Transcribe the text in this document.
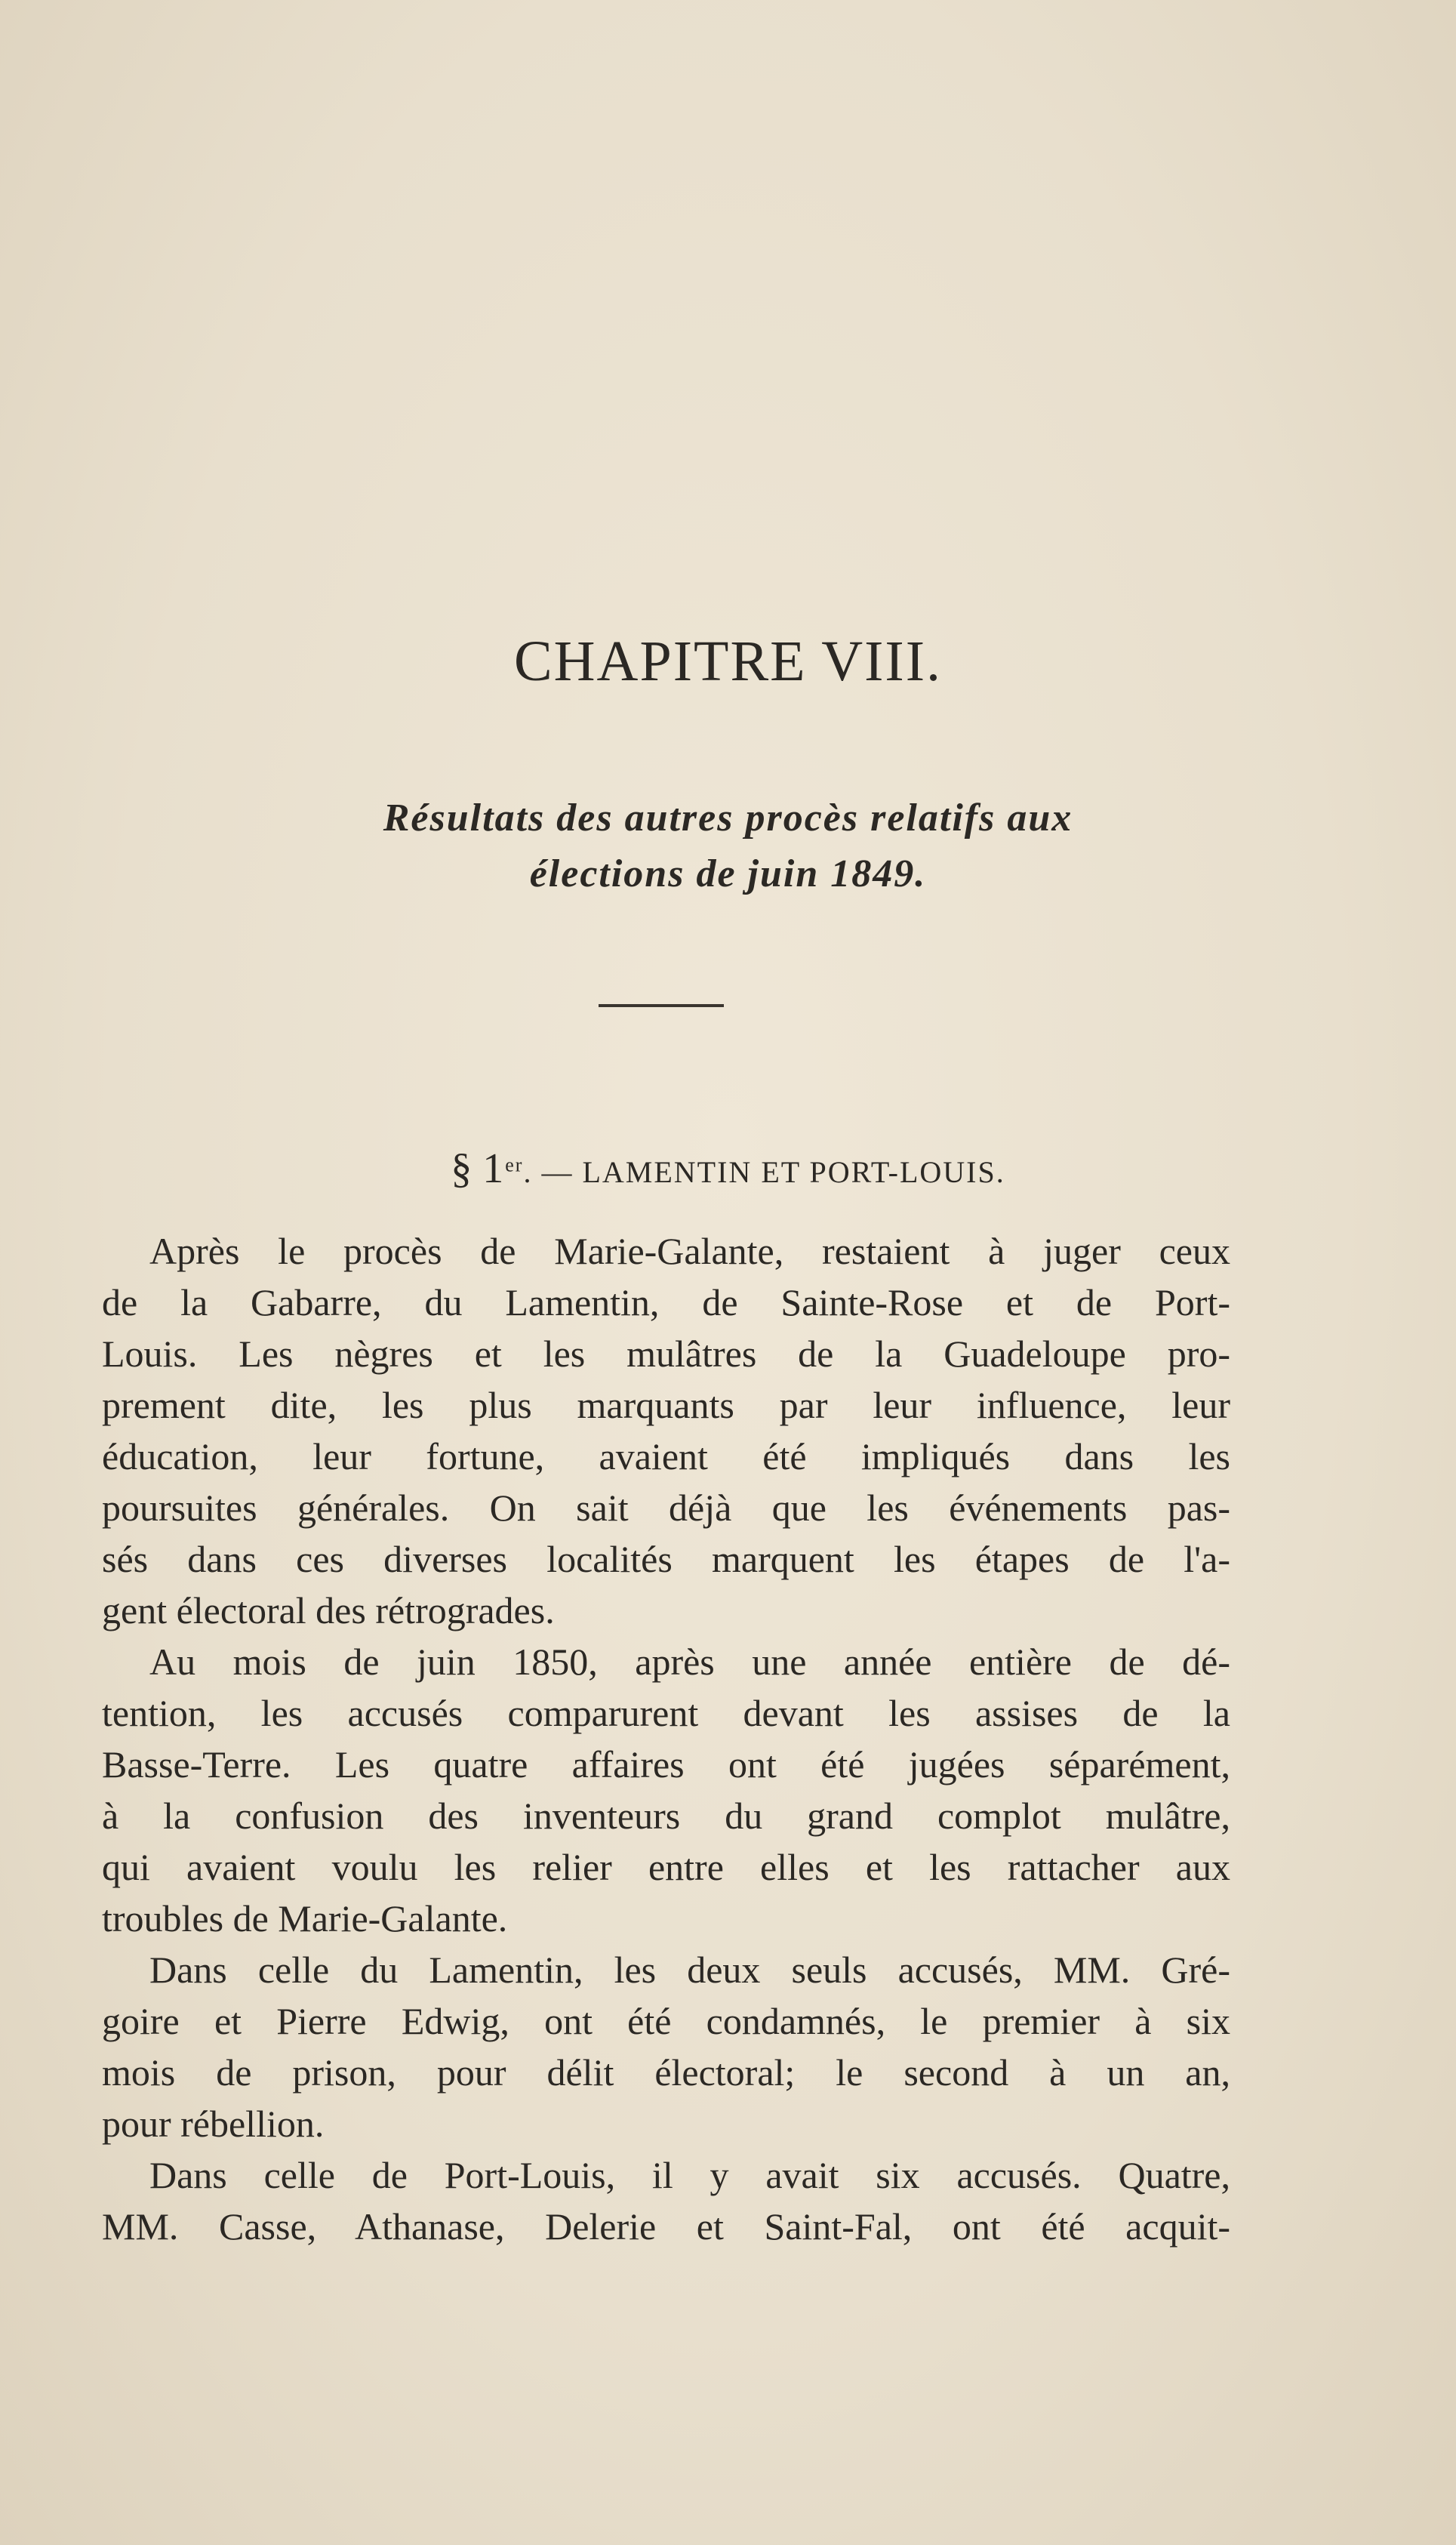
CHAPITRE VIII.
Résultats des autres procès relatifs aux
élections de juin 1849.
§ 1er. — LAMENTIN ET PORT-LOUIS.
Après le procès de Marie-Galante, restaient à juger ceux
de la Gabarre, du Lamentin, de Sainte-Rose et de Port-
Louis. Les nègres et les mulâtres de la Guadeloupe pro-
prement dite, les plus marquants par leur influence, leur
éducation, leur fortune, avaient été impliqués dans les
poursuites générales. On sait déjà que les événements pas-
sés dans ces diverses localités marquent les étapes de l'a-
gent électoral des rétrogrades.
Au mois de juin 1850, après une année entière de dé-
tention, les accusés comparurent devant les assises de la
Basse-Terre. Les quatre affaires ont été jugées séparément,
à la confusion des inventeurs du grand complot mulâtre,
qui avaient voulu les relier entre elles et les rattacher aux
troubles de Marie-Galante.
Dans celle du Lamentin, les deux seuls accusés, MM. Gré-
goire et Pierre Edwig, ont été condamnés, le premier à six
mois de prison, pour délit électoral; le second à un an,
pour rébellion.
Dans celle de Port-Louis, il y avait six accusés. Quatre,
MM. Casse, Athanase, Delerie et Saint-Fal, ont été acquit-
